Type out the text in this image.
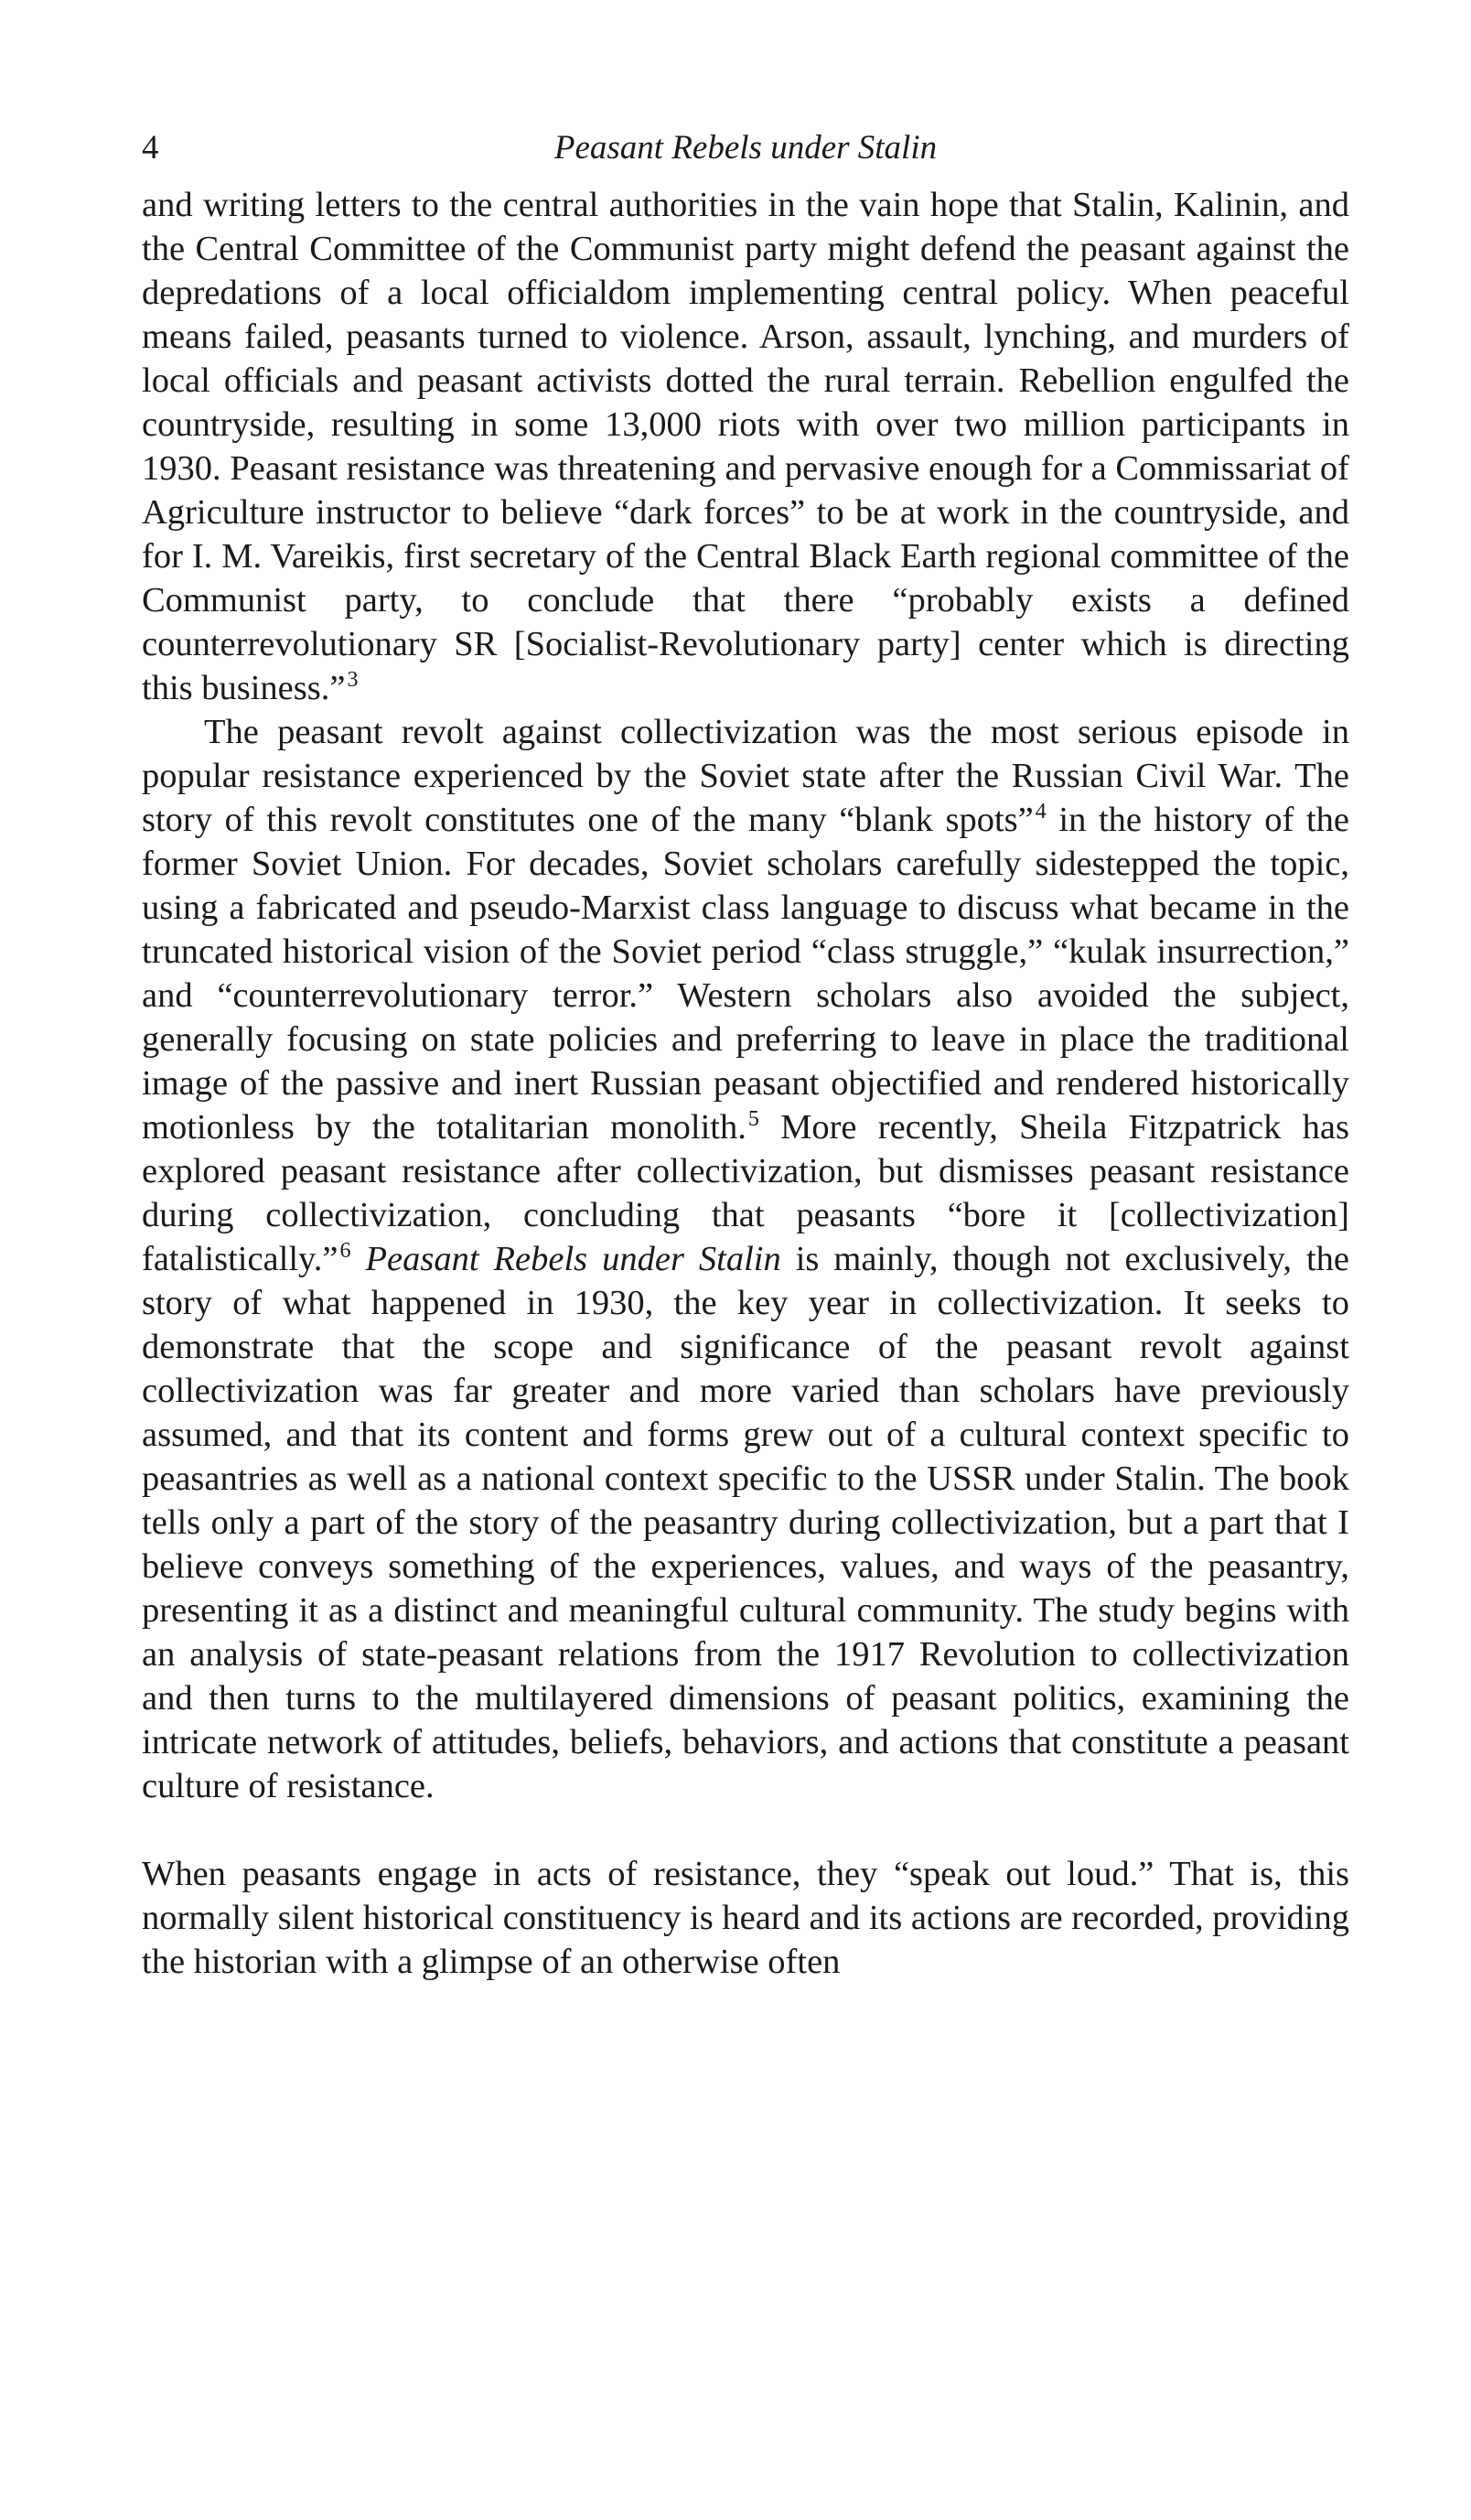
4	Peasant Rebels under Stalin

and writing letters to the central authorities in the vain hope that Stalin, Kalinin, and the Central Committee of the Communist party might defend the peasant against the depredations of a local officialdom implementing central policy. When peaceful means failed, peasants turned to violence. Arson, assault, lynching, and murders of local officials and peasant activists dotted the rural terrain. Rebellion engulfed the countryside, resulting in some 13,000 riots with over two million participants in 1930. Peasant resistance was threatening and pervasive enough for a Commissariat of Agriculture instructor to believe “dark forces” to be at work in the countryside, and for I. M. Vareikis, first secretary of the Central Black Earth regional committee of the Communist party, to conclude that there “probably exists a defined counterrevolutionary SR [Socialist-Revolutionary party] center which is directing this business.”$^3$

The peasant revolt against collectivization was the most serious episode in popular resistance experienced by the Soviet state after the Russian Civil War. The story of this revolt constitutes one of the many “blank spots”$^4$ in the history of the former Soviet Union. For decades, Soviet scholars carefully sidestepped the topic, using a fabricated and pseudo-Marxist class language to discuss what became in the truncated historical vision of the Soviet period “class struggle,” “kulak insurrection,” and “counterrevolutionary terror.” Western scholars also avoided the subject, generally focusing on state policies and preferring to leave in place the traditional image of the passive and inert Russian peasant objectified and rendered historically motionless by the totalitarian monolith.$^5$ More recently, Sheila Fitzpatrick has explored peasant resistance after collectivization, but dismisses peasant resistance during collectivization, concluding that peasants “bore it [collectivization] fatalistically.”$^6$ Peasant Rebels under Stalin is mainly, though not exclusively, the story of what happened in 1930, the key year in collectivization. It seeks to demonstrate that the scope and significance of the peasant revolt against collectivization was far greater and more varied than scholars have previously assumed, and that its content and forms grew out of a cultural context specific to peasantries as well as a national context specific to the USSR under Stalin. The book tells only a part of the story of the peasantry during collectivization, but a part that I believe conveys something of the experiences, values, and ways of the peasantry, presenting it as a distinct and meaningful cultural community. The study begins with an analysis of state-peasant relations from the 1917 Revolution to collectivization and then turns to the multilayered dimensions of peasant politics, examining the intricate network of attitudes, beliefs, behaviors, and actions that constitute a peasant culture of resistance.

When peasants engage in acts of resistance, they “speak out loud.” That is, this normally silent historical constituency is heard and its actions are recorded, providing the historian with a glimpse of an otherwise often
